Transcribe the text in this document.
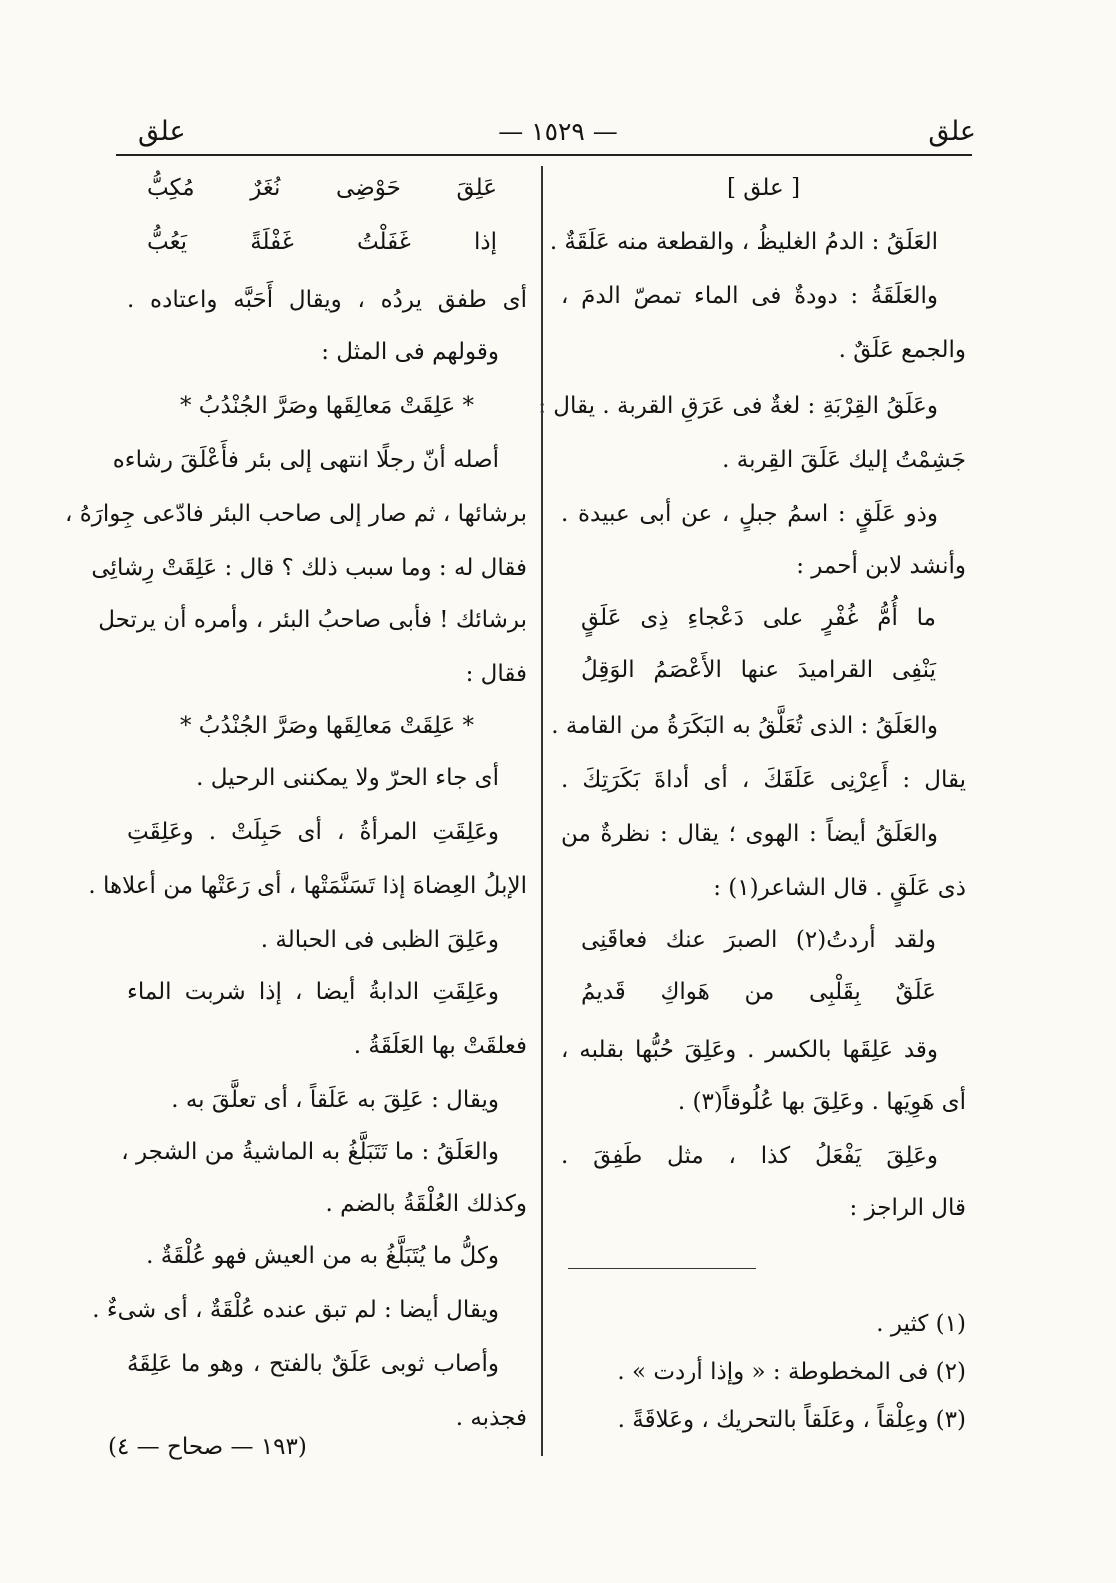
علق
— ١٥٢٩ —
علق
[ علق ]
العَلَقُ : الدمُ الغليظُ ، والقطعة منه عَلَقَةٌ .
والعَلَقَةُ : دودةٌ فى الماء تمصّ الدمَ ،
والجمع عَلَقٌ .
وعَلَقُ القِرْبَةِ : لغةٌ فى عَرَقِ القربة . يقال :
جَشِمْتُ إليك عَلَقَ القِربة .
وذو عَلَقٍ : اسمُ جبلٍ ، عن أبى عبيدة .
وأنشد لابن أحمر :
ما أُمُّ غُفْرٍ على دَعْجاءِ ذِى عَلَقٍ
يَنْفِى القراميدَ عنها الأَعْصَمُ الوَقِلُ
والعَلَقُ : الذى تُعَلَّقُ به البَكَرَةُ من القامة .
يقال : أَعِرْنِى عَلَقَكَ ، أى أداةَ بَكَرَتِكَ .
والعَلَقُ أيضاً : الهوى ؛ يقال : نظرةٌ من
ذى عَلَقٍ . قال الشاعر(١) :
ولقد أردتُ(٢) الصبرَ عنك فعاقَنِى
عَلَقٌ بِقَلْبِى من هَواكِ قَديمُ
وقد عَلِقَها بالكسر . وعَلِقَ حُبُّها بقلبه ،
أى هَوِيَها . وعَلِقَ بها عُلُوقاً(٣) .
وعَلِقَ يَفْعَلُ كذا ، مثل طَفِقَ .
قال الراجز :
(١) كثير .
(٢) فى المخطوطة : « وإذا أردت » .
(٣) وعِلْقاً ، وعَلَقاً بالتحريك ، وعَلاقَةً .
عَلِقَ حَوْضِى نُغَرٌ مُكِبُّ
إذا غَفَلْتُ غَفْلَةً يَعُبُّ
أى طفق يردُه ، ويقال أَحَبَّه واعتاده .
وقولهم فى المثل :
* عَلِقَتْ مَعالِقَها وصَرَّ الجُنْدُبُ *
أصله أنّ رجلًا انتهى إلى بئر فأَعْلَقَ رشاءه
برشائها ، ثم صار إلى صاحب البئر فادّعى جِوارَهُ ،
فقال له : وما سبب ذلك ؟ قال : عَلِقَتْ رِشائِى
برشائك ! فأبى صاحبُ البئر ، وأمره أن يرتحل
فقال :
* عَلِقَتْ مَعالِقَها وصَرَّ الجُنْدُبُ *
أى جاء الحرّ ولا يمكننى الرحيل .
وعَلِقَتِ المرأةُ ، أى حَبِلَتْ . وعَلِقَتِ
الإبلُ العِضاهَ إذا تَسَنَّمَتْها ، أى رَعَتْها من أعلاها .
وعَلِقَ الظبى فى الحبالة .
وعَلِقَتِ الدابةُ أيضا ، إذا شربت الماء
فعلقَتْ بها العَلَقَةُ .
ويقال : عَلِقَ به عَلَقاً ، أى تعلَّقَ به .
والعَلَقُ : ما تَتَبَلَّغُ به الماشيةُ من الشجر ،
وكذلك العُلْقَةُ بالضم .
وكلُّ ما يُتَبَلَّغُ به من العيش فهو عُلْقَةٌ .
ويقال أيضا : لم تبق عنده عُلْقَةٌ ، أى شىءٌ .
وأصاب ثوبى عَلَقٌ بالفتح ، وهو ما عَلِقَهُ
فجذبه .
(١٩٣ — صحاح — ٤)
